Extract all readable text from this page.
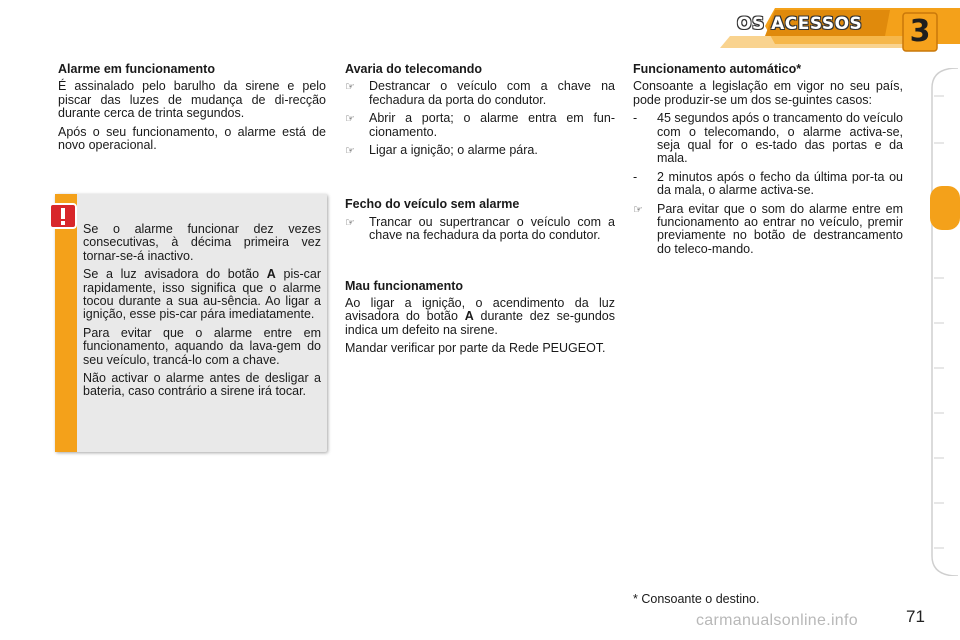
OS ACESSOS 3
Alarme em funcionamento

É assinalado pelo barulho da sirene e pelo piscar das luzes de mudança de di-recção durante cerca de trinta segundos.

Após o seu funcionamento, o alarme está de novo operacional.

Se o alarme funcionar dez vezes consecutivas, à décima primeira vez tornar-se-á inactivo.

Se a luz avisadora do botão A pis-car rapidamente, isso significa que o alarme tocou durante a sua au-sência. Ao ligar a ignição, esse pis-car pára imediatamente.

Para evitar que o alarme entre em funcionamento, aquando da lava-gem do seu veículo, trancá-lo com a chave.

Não activar o alarme antes de desligar a bateria, caso contrário a sirene irá tocar.

Avaria do telecomando
☞ Destrancar o veículo com a chave na fechadura da porta do condutor.
☞ Abrir a porta; o alarme entra em fun-cionamento.
☞ Ligar a ignição; o alarme pára.
Fecho do veículo sem alarme
☞ Trancar ou supertrancar o veículo com a chave na fechadura da porta do condutor.
Mau funcionamento

Ao ligar a ignição, o acendimento da luz avisadora do botão A durante dez se-gundos indica um defeito na sirene.

Mandar verificar por parte da Rede PEUGEOT.

Funcionamento automático*

Consoante a legislação em vigor no seu país, pode produzir-se um dos se-guintes casos:

- 45 segundos após o trancamento do veículo com o telecomando, o alarme activa-se, seja qual for o es-tado das portas e da mala.
- 2 minutos após o fecho da última por-ta ou da mala, o alarme activa-se.
☞ Para evitar que o som do alarme entre em funcionamento ao entrar no veículo, premir previamente no botão de destrancamento do teleco-mando.
* Consoante o destino.
carmanualsonline.info	71
